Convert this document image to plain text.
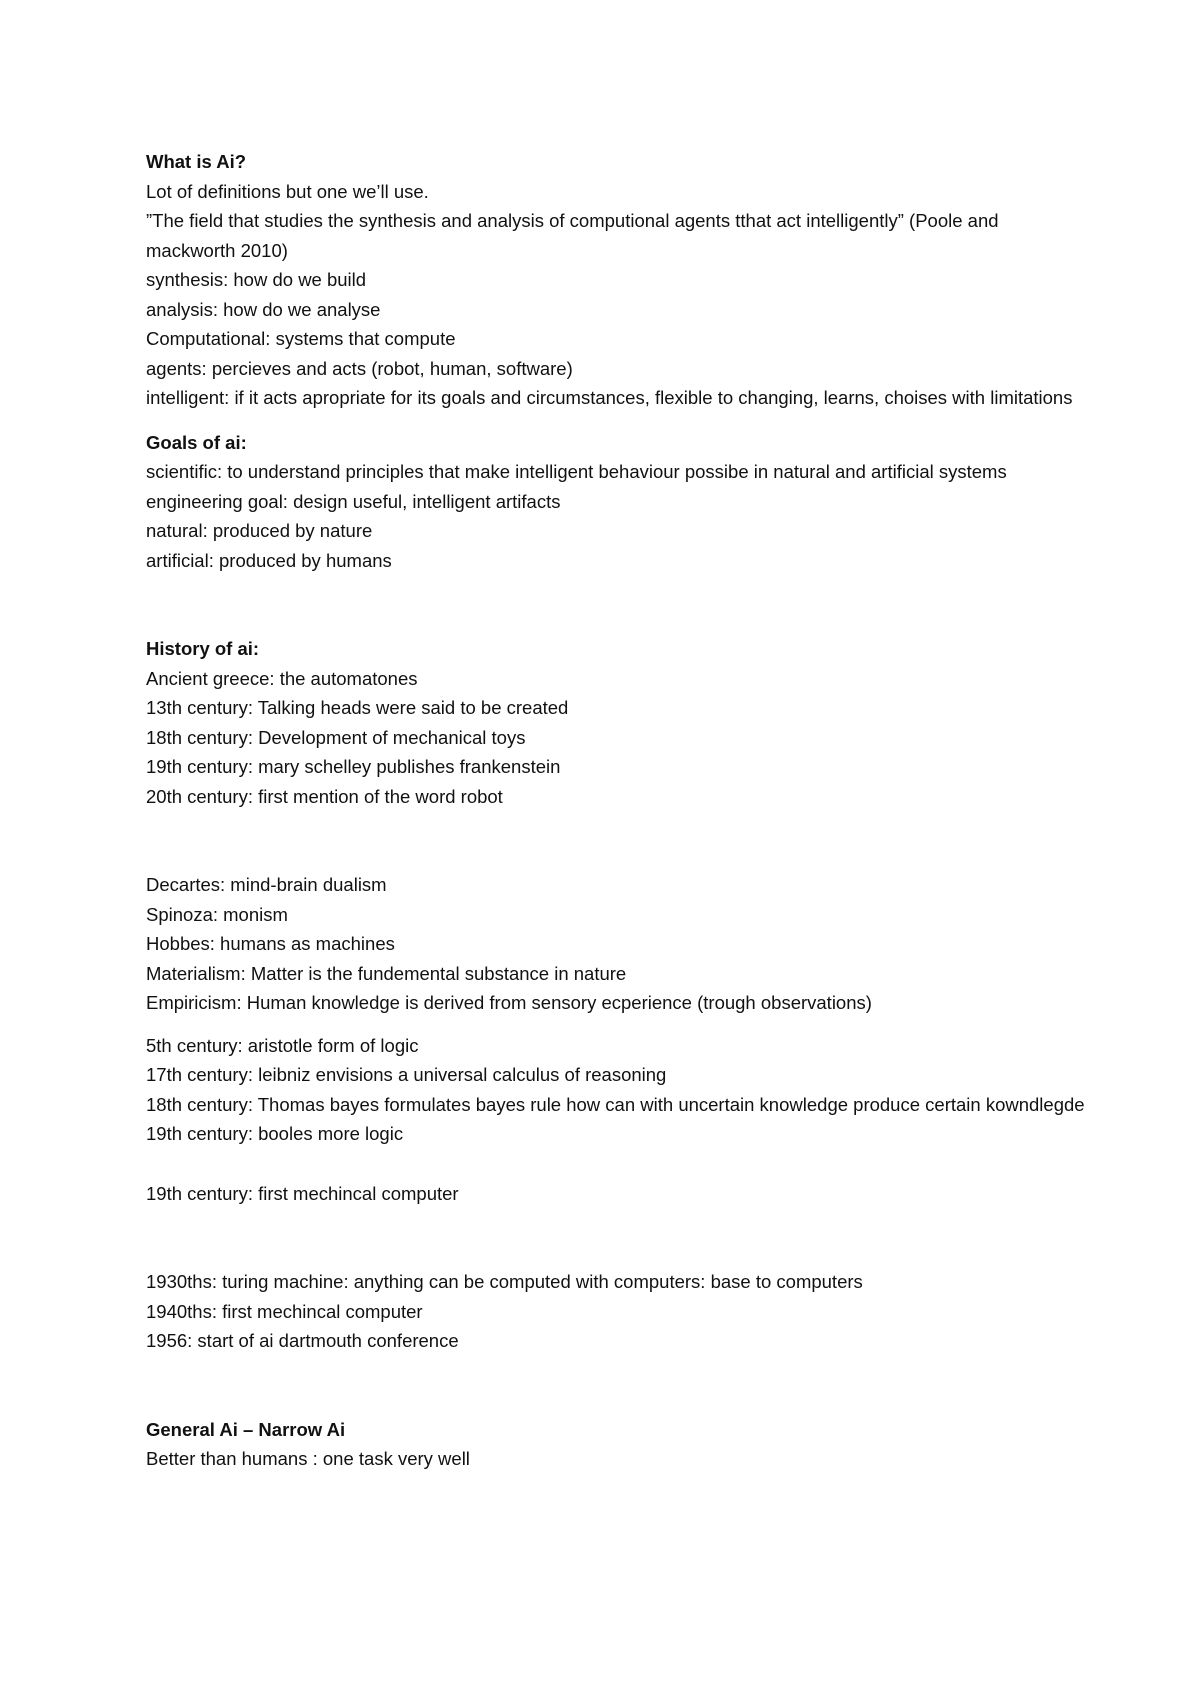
What is Ai?

Lot of definitions but one we’ll use.

”The field that studies the synthesis and analysis of computional agents tthat act intelligently” (Poole and mackworth 2010)

synthesis: how do we build

analysis: how do we analyse

Computational: systems that compute

agents: percieves and acts (robot, human, software)

intelligent: if it acts apropriate for its goals and circumstances, flexible to changing, learns, choises with limitations

Goals of ai:

scientific: to understand principles that make intelligent behaviour possibe in natural and artificial systems

engineering goal: design useful, intelligent artifacts

natural: produced by nature

artificial: produced by humans

History of ai:

Ancient greece: the automatones

13th century: Talking heads were said to be created

18th century: Development of mechanical toys

19th century: mary schelley publishes frankenstein

20th century: first mention of the word robot

Decartes: mind-brain dualism

Spinoza: monism

Hobbes: humans as machines

Materialism: Matter is the fundemental substance in nature

Empiricism: Human knowledge is derived from sensory ecperience (trough observations)

5th century: aristotle form of logic

17th century: leibniz envisions a universal calculus of reasoning

18th century: Thomas bayes formulates bayes rule how can with uncertain knowledge produce certain kowndlegde

19th century: booles more logic

19th century: first mechincal computer

1930ths: turing machine: anything can be computed with computers: base to computers

1940ths: first mechincal computer

1956: start of ai dartmouth conference

General Ai – Narrow Ai

Better than humans : one task very well
